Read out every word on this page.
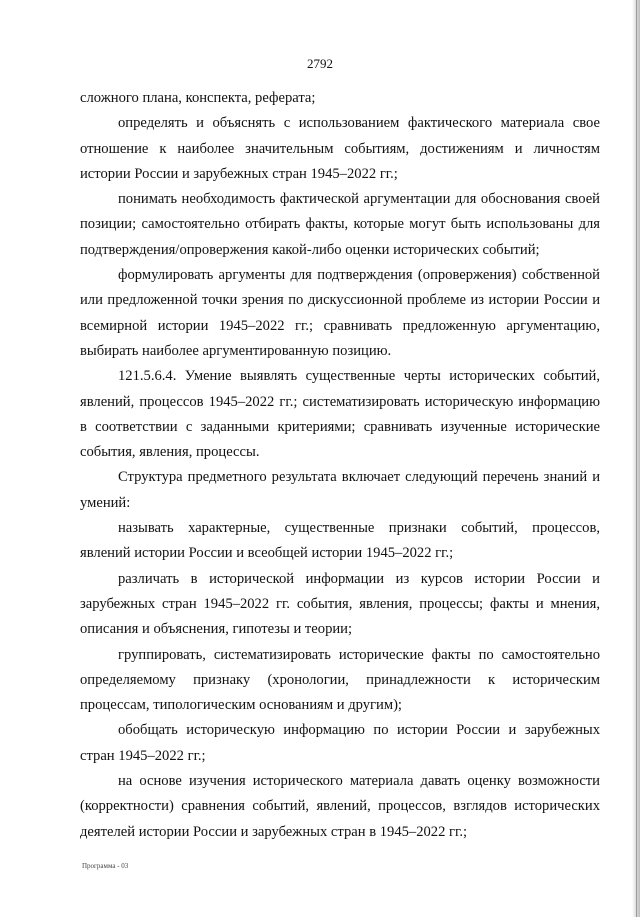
2792

сложного плана, конспекта, реферата;

определять и объяснять с использованием фактического материала свое отношение к наиболее значительным событиям, достижениям и личностям истории России и зарубежных стран 1945–2022 гг.;

понимать необходимость фактической аргументации для обоснования своей позиции; самостоятельно отбирать факты, которые могут быть использованы для подтверждения/опровержения какой-либо оценки исторических событий;

формулировать аргументы для подтверждения (опровержения) собственной или предложенной точки зрения по дискуссионной проблеме из истории России и всемирной истории 1945–2022 гг.; сравнивать предложенную аргументацию, выбирать наиболее аргументированную позицию.

121.5.6.4. Умение выявлять существенные черты исторических событий, явлений, процессов 1945–2022 гг.; систематизировать историческую информацию в соответствии с заданными критериями; сравнивать изученные исторические события, явления, процессы.

Структура предметного результата включает следующий перечень знаний и умений:

называть характерные, существенные признаки событий, процессов, явлений истории России и всеобщей истории 1945–2022 гг.;

различать в исторической информации из курсов истории России и зарубежных стран 1945–2022 гг. события, явления, процессы; факты и мнения, описания и объяснения, гипотезы и теории;

группировать, систематизировать исторические факты по самостоятельно определяемому признаку (хронологии, принадлежности к историческим процессам, типологическим основаниям и другим);

обобщать историческую информацию по истории России и зарубежных стран 1945–2022 гг.;

на основе изучения исторического материала давать оценку возможности (корректности) сравнения событий, явлений, процессов, взглядов исторических деятелей истории России и зарубежных стран в 1945–2022 гг.;

Программа - 03
